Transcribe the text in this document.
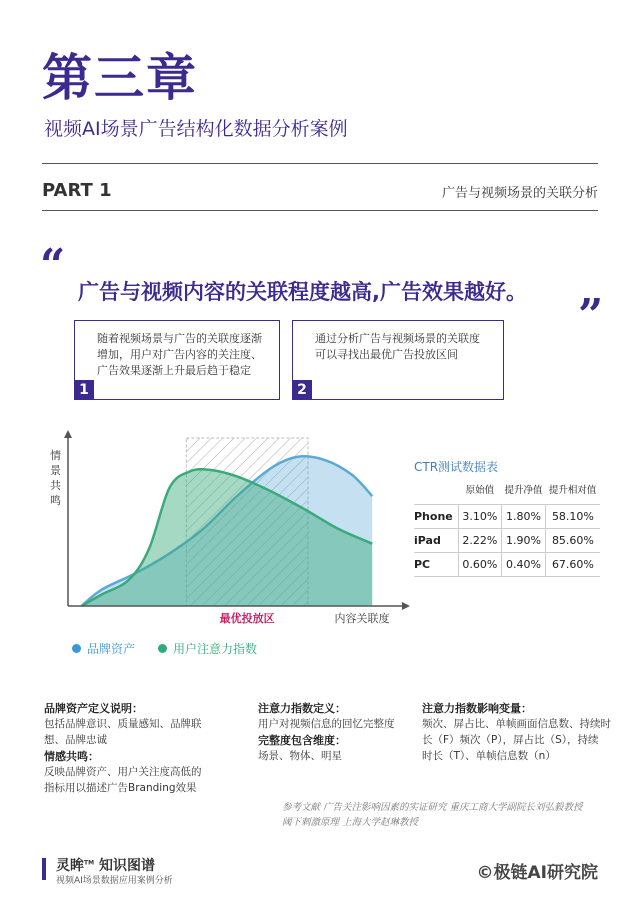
第三章
视频AI场景广告结构化数据分析案例
PART 1	广告与视频场景的关联分析
“
广告与视频内容的关联程度越高,广告效果越好。 ”
随着视频场景与广告的关联度逐渐
增加，用户对广告内容的关注度、
广告效果逐渐上升最后趋于稳定
1
通过分析广告与视频场景的关联度
可以寻找出最优广告投放区间
2
最优投放区	内容关联度
情景共鸣
品牌资产	用户注意力指数
CTR测试数据表
	原始值	提升净值	提升相对值
Phone	3.10%	1.80%	58.10%
iPad	2.22%	1.90%	85.60%
PC	0.60%	0.40%	67.60%
品牌资产定义说明：
包括品牌意识、质量感知、品牌联
想、品牌忠诚
情感共鸣：
反映品牌资产、用户关注度高低的
指标用以描述广告Branding效果
注意力指数定义：
用户对视频信息的回忆完整度
完整度包含维度：
场景、物体、明星
注意力指数影响变量：
频次、屏占比、单帧画面信息数、持续时
长（F）频次（P），屏占比（S），持续
时长（T）、单帧信息数（n）
参考文献 广告关注影响因素的实证研究 重庆工商大学副院长刘弘毅教授
阈下刺激原理 上海大学赵琳教授
灵眸™ 知识图谱
视频AI场景数据应用案例分析	©极链AI研究院
